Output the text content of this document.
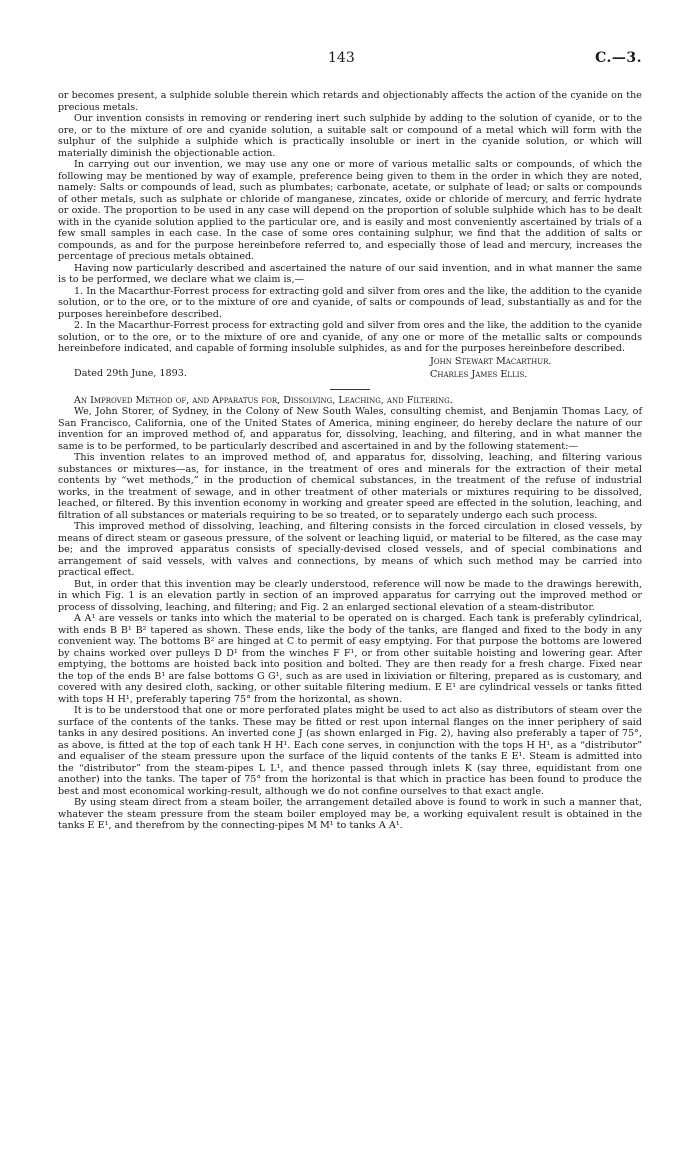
143	C.—3.

or becomes present, a sulphide soluble therein which retards and objectionably affects the action of the cyanide on the precious metals.

Our invention consists in removing or rendering inert such sulphide by adding to the solution of cyanide, or to the ore, or to the mixture of ore and cyanide solution, a suitable salt or compound of a metal which will form with the sulphur of the sulphide a sulphide which is practically insoluble or inert in the cyanide solution, or which will materially diminish the objectionable action.

In carrying out our invention, we may use any one or more of various metallic salts or compounds, of which the following may be mentioned by way of example, preference being given to them in the order in which they are noted, namely: Salts or compounds of lead, such as plumbates; carbonate, acetate, or sulphate of lead; or salts or compounds of other metals, such as sulphate or chloride of manganese, zincates, oxide or chloride of mercury, and ferric hydrate or oxide. The proportion to be used in any case will depend on the proportion of soluble sulphide which has to be dealt with in the cyanide solution applied to the particular ore, and is easily and most conveniently ascertained by trials of a few small samples in each case. In the case of some ores containing sulphur, we find that the addition of salts or compounds, as and for the purpose hereinbefore referred to, and especially those of lead and mercury, increases the percentage of precious metals obtained.

Having now particularly described and ascertained the nature of our said invention, and in what manner the same is to be performed, we declare what we claim is,—

1. In the Macarthur-Forrest process for extracting gold and silver from ores and the like, the addition to the cyanide solution, or to the ore, or to the mixture of ore and cyanide, of salts or compounds of lead, substantially as and for the purposes hereinbefore described.

2. In the Macarthur-Forrest process for extracting gold and silver from ores and the like, the addition to the cyanide solution, or to the ore, or to the mixture of ore and cyanide, of any one or more of the metallic salts or compounds hereinbefore indicated, and capable of forming insoluble sulphides, as and for the purposes hereinbefore described.

John Stewart Macarthur.
Charles James Ellis.
Dated 29th June, 1893.

An Improved Method of, and Apparatus for, Dissolving, Leaching, and Filtering.

We, John Storer, of Sydney, in the Colony of New South Wales, consulting chemist, and Benjamin Thomas Lacy, of San Francisco, California, one of the United States of America, mining engineer, do hereby declare the nature of our invention for an improved method of, and apparatus for, dissolving, leaching, and filtering, and in what manner the same is to be performed, to be particularly described and ascertained in and by the following statement:—

This invention relates to an improved method of, and apparatus for, dissolving, leaching, and filtering various substances or mixtures—as, for instance, in the treatment of ores and minerals for the extraction of their metal contents by “wet methods,” in the production of chemical substances, in the treatment of the refuse of industrial works, in the treatment of sewage, and in other treatment of other materials or mixtures requiring to be dissolved, leached, or filtered. By this invention economy in working and greater speed are effected in the solution, leaching, and filtration of all substances or materials requiring to be so treated, or to separately undergo each such process.

This improved method of dissolving, leaching, and filtering consists in the forced circulation in closed vessels, by means of direct steam or gaseous pressure, of the solvent or leaching liquid, or material to be filtered, as the case may be; and the improved apparatus consists of specially-devised closed vessels, and of special combinations and arrangement of said vessels, with valves and connections, by means of which such method may be carried into practical effect.

But, in order that this invention may be clearly understood, reference will now be made to the drawings herewith, in which Fig. 1 is an elevation partly in section of an improved apparatus for carrying out the improved method or process of dissolving, leaching, and filtering; and Fig. 2 an enlarged sectional elevation of a steam-distributor.

A A¹ are vessels or tanks into which the material to be operated on is charged. Each tank is preferably cylindrical, with ends B B¹ B² tapered as shown. These ends, like the body of the tanks, are flanged and fixed to the body in any convenient way. The bottoms B² are hinged at C to permit of easy emptying. For that purpose the bottoms are lowered by chains worked over pulleys D D¹ from the winches F F¹, or from other suitable hoisting and lowering gear. After emptying, the bottoms are hoisted back into position and bolted. They are then ready for a fresh charge. Fixed near the top of the ends B¹ are false bottoms G G¹, such as are used in lixiviation or filtering, prepared as is customary, and covered with any desired cloth, sacking, or other suitable filtering medium. E E¹ are cylindrical vessels or tanks fitted with tops H H¹, preferably tapering 75° from the horizontal, as shown.

It is to be understood that one or more perforated plates might be used to act also as distributors of steam over the surface of the contents of the tanks. These may be fitted or rest upon internal flanges on the inner periphery of said tanks in any desired positions. An inverted cone J (as shown enlarged in Fig. 2), having also preferably a taper of 75°, as above, is fitted at the top of each tank H H¹. Each cone serves, in conjunction with the tops H H¹, as a “distributor” and equaliser of the steam pressure upon the surface of the liquid contents of the tanks E E¹. Steam is admitted into the “distributor” from the steam-pipes L L¹, and thence passed through inlets K (say three, equidistant from one another) into the tanks. The taper of 75° from the horizontal is that which in practice has been found to produce the best and most economical working-result, although we do not confine ourselves to that exact angle.

By using steam direct from a steam boiler, the arrangement detailed above is found to work in such a manner that, whatever the steam pressure from the steam boiler employed may be, a working equivalent result is obtained in the tanks E E¹, and therefrom by the connecting-pipes M M¹ to tanks A A¹.
